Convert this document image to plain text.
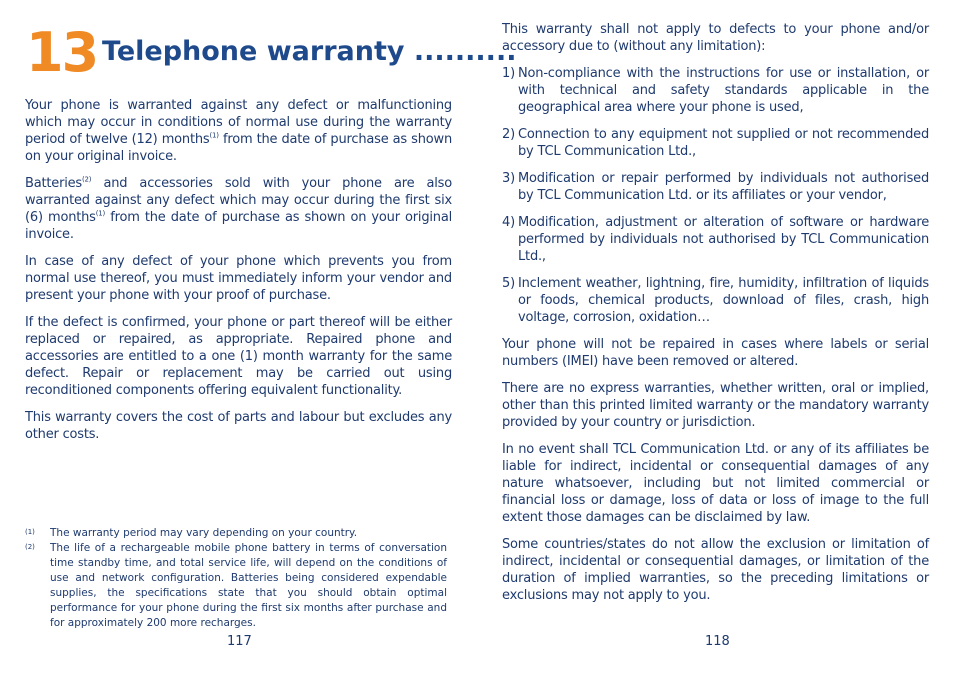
13 Telephone warranty ..........

Your phone is warranted against any defect or malfunctioning which may occur in conditions of normal use during the warranty period of twelve (12) months$^{(1)}$ from the date of purchase as shown on your original invoice.

Batteries$^{(2)}$ and accessories sold with your phone are also warranted against any defect which may occur during the first six (6) months$^{(1)}$ from the date of purchase as shown on your original invoice.

In case of any defect of your phone which prevents you from normal use thereof, you must immediately inform your vendor and present your phone with your proof of purchase.

If the defect is confirmed, your phone or part thereof will be either replaced or repaired, as appropriate. Repaired phone and accessories are entitled to a one (1) month warranty for the same defect. Repair or replacement may be carried out using reconditioned components offering equivalent functionality.

This warranty covers the cost of parts and labour but excludes any other costs.

(1)	The warranty period may vary depending on your country.
(2)	The life of a rechargeable mobile phone battery in terms of conversation time standby time, and total service life, will depend on the conditions of use and network configuration. Batteries being considered expendable supplies, the specifications state that you should obtain optimal performance for your phone during the first six months after purchase and for approximately 200 more recharges.
117

This warranty shall not apply to defects to your phone and/or accessory due to (without any limitation):

1) Non-compliance with the instructions for use or installation, or with technical and safety standards applicable in the geographical area where your phone is used,
2) Connection to any equipment not supplied or not recommended by TCL Communication Ltd.,
3) Modification or repair performed by individuals not authorised by TCL Communication Ltd. or its affiliates or your vendor,
4) Modification, adjustment or alteration of software or hardware performed by individuals not authorised by TCL Communication Ltd.,
5) Inclement weather, lightning, fire, humidity, infiltration of liquids or foods, chemical products, download of files, crash, high voltage, corrosion, oxidation…

Your phone will not be repaired in cases where labels or serial numbers (IMEI) have been removed or altered.

There are no express warranties, whether written, oral or implied, other than this printed limited warranty or the mandatory warranty provided by your country or jurisdiction.

In no event shall TCL Communication Ltd. or any of its affiliates be liable for indirect, incidental or consequential damages of any nature whatsoever, including but not limited commercial or financial loss or damage, loss of data or loss of image to the full extent those damages can be disclaimed by law.

Some countries/states do not allow the exclusion or limitation of indirect, incidental or consequential damages, or limitation of the duration of implied warranties, so the preceding limitations or exclusions may not apply to you.

118
